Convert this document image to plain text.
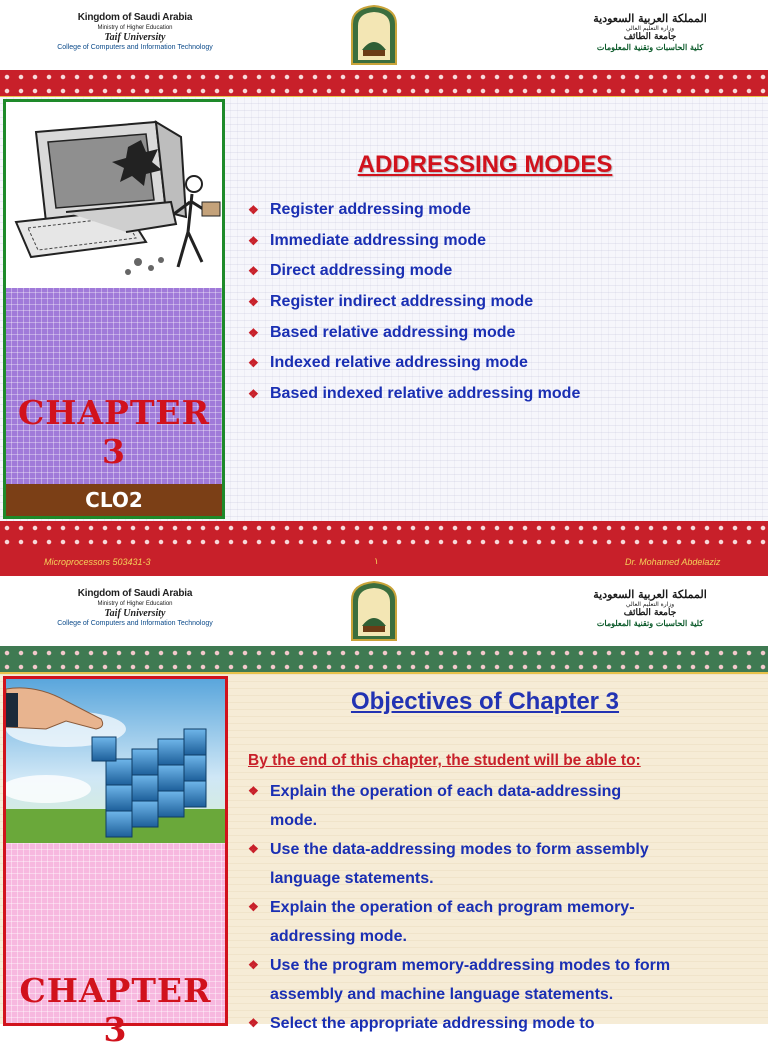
Kingdom of Saudi Arabia
Ministry of Higher Education
Taif University
College of Computers and Information Technology
المملكة العربية السعودية
وزارة التعليم العالي
جامعة الطائف
كلية الحاسبات وتقنية المعلومات
CHAPTER 3
CLO2
ADDRESSING MODES
❖ Register addressing mode
❖ Immediate addressing mode
❖ Direct addressing mode
❖ Register indirect addressing mode
❖ Based relative addressing mode
❖ Indexed relative addressing mode
❖ Based indexed relative addressing mode
Microprocessors 503431-3	١	Dr. Mohamed Abdelaziz
Kingdom of Saudi Arabia
Ministry of Higher Education
Taif University
College of Computers and Information Technology
المملكة العربية السعودية
وزارة التعليم العالي
جامعة الطائف
كلية الحاسبات وتقنية المعلومات
CHAPTER 3
Objectives of Chapter 3
By the end of this chapter, the student will be able to:
❖ Explain the operation of each data-addressing
mode.
❖ Use the data-addressing modes to form assembly
language statements.
❖ Explain the operation of each program memory-
addressing mode.
❖ Use the program memory-addressing modes to form
assembly and machine language statements.
❖ Select the appropriate addressing mode to
